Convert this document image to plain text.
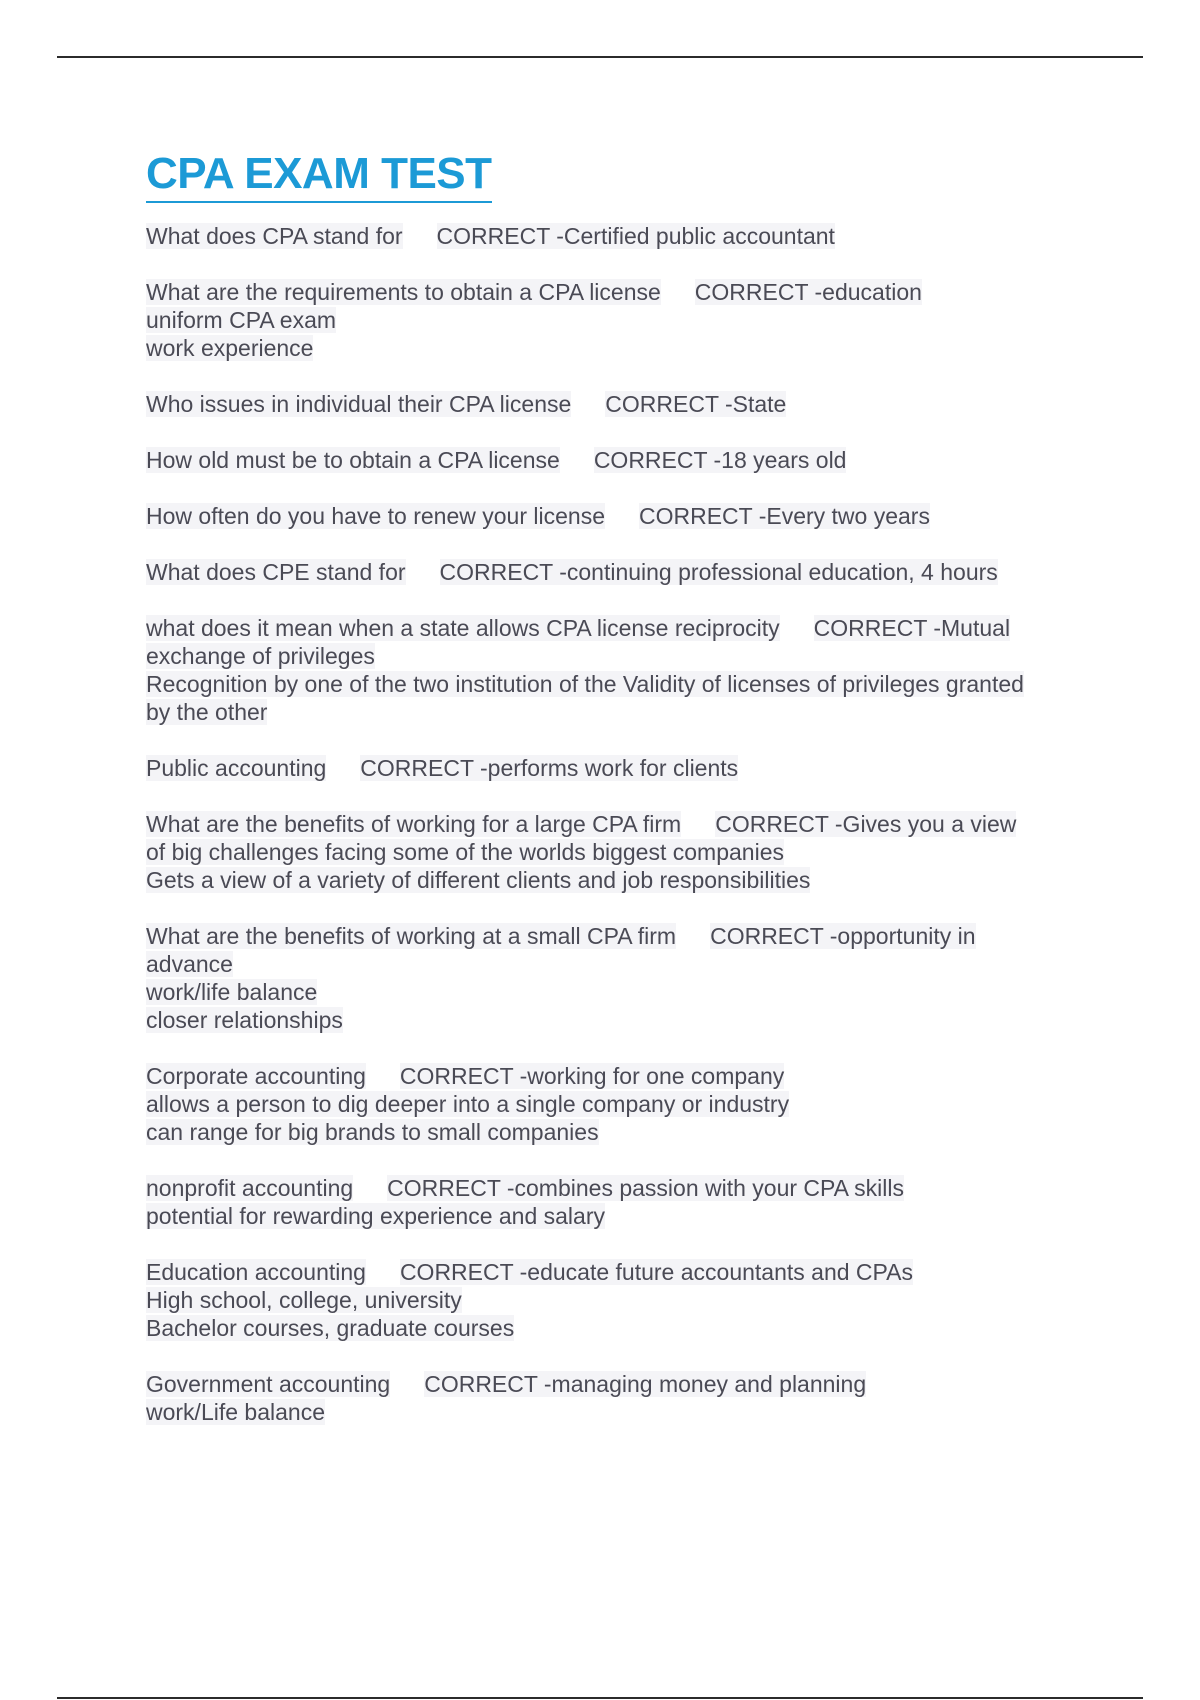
CPA EXAM TEST
What does CPA stand for CORRECT -Certified public accountant
What are the requirements to obtain a CPA license CORRECT -education
uniform CPA exam
work experience
Who issues in individual their CPA license CORRECT -State
How old must be to obtain a CPA license CORRECT -18 years old
How often do you have to renew your license CORRECT -Every two years
What does CPE stand for CORRECT -continuing professional education, 4 hours
what does it mean when a state allows CPA license reciprocity CORRECT -Mutual
exchange of privileges
Recognition by one of the two institution of the Validity of licenses of privileges granted
by the other
Public accounting CORRECT -performs work for clients
What are the benefits of working for a large CPA firm CORRECT -Gives you a view
of big challenges facing some of the worlds biggest companies
Gets a view of a variety of different clients and job responsibilities
What are the benefits of working at a small CPA firm CORRECT -opportunity in
advance
work/life balance
closer relationships
Corporate accounting CORRECT -working for one company
allows a person to dig deeper into a single company or industry
can range for big brands to small companies
nonprofit accounting CORRECT -combines passion with your CPA skills
potential for rewarding experience and salary
Education accounting CORRECT -educate future accountants and CPAs
High school, college, university
Bachelor courses, graduate courses
Government accounting CORRECT -managing money and planning
work/Life balance
